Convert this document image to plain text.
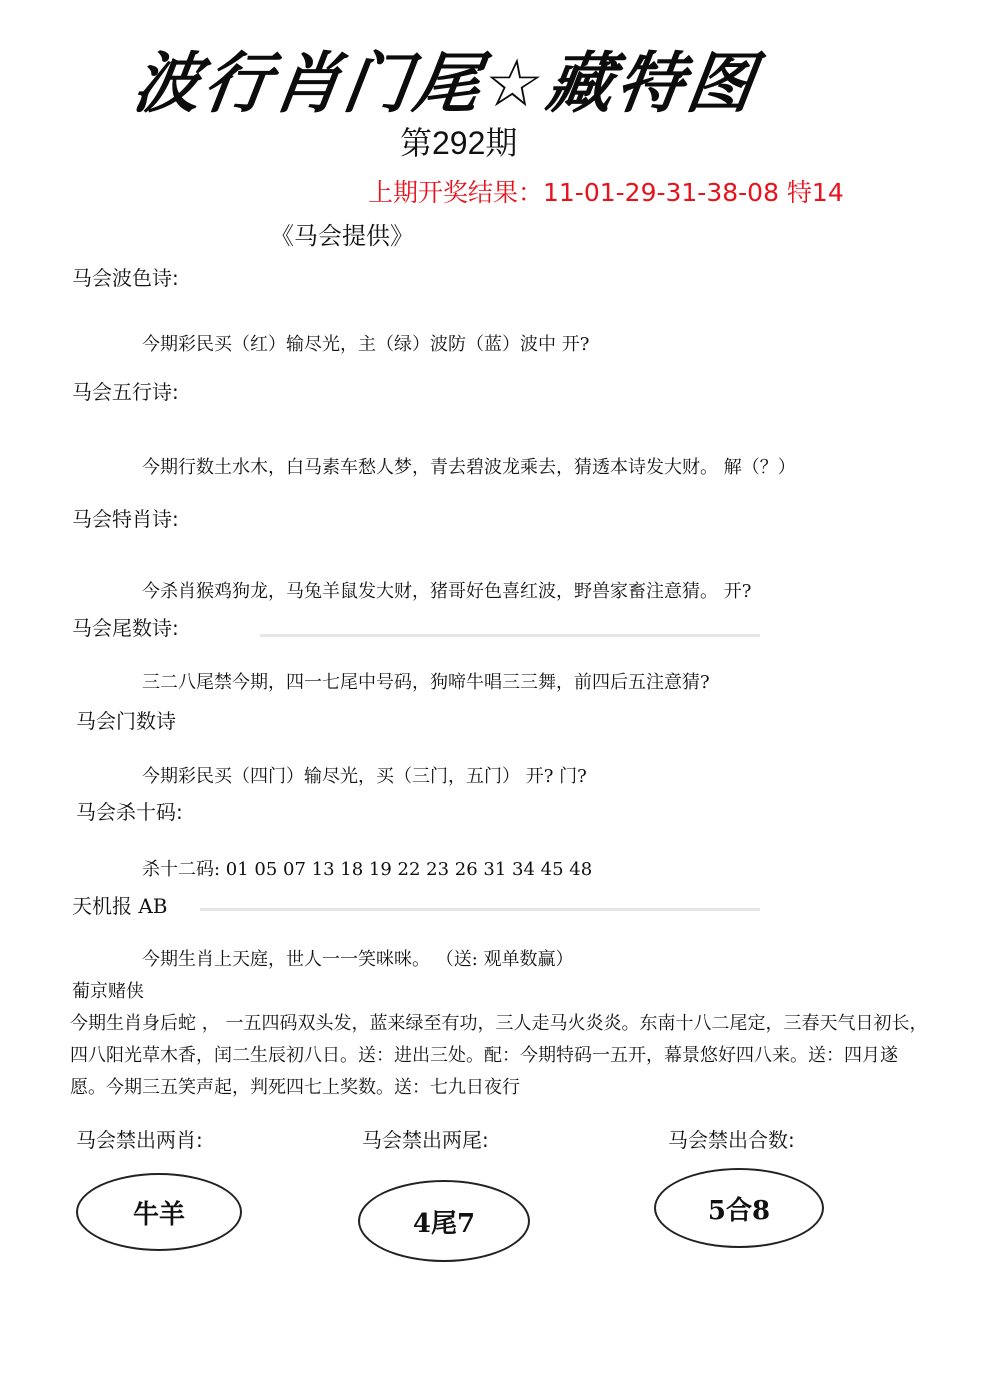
波行肖门尾☆藏特图
第292期
上期开奖结果：11-01-29-31-38-08 特14
《马会提供》
马会波色诗:
今期彩民买（红）输尽光，主（绿）波防（蓝）波中 开?
马会五行诗:
今期行数土水木，白马素车愁人梦，青去碧波龙乘去，猜透本诗发大财。 解（？）
马会特肖诗:
今杀肖猴鸡狗龙，马兔羊鼠发大财，猪哥好色喜红波，野兽家畜注意猜。 开?
马会尾数诗:
三二八尾禁今期，四一七尾中号码，狗啼牛唱三三舞，前四后五注意猜?
马会门数诗
今期彩民买（四门）输尽光，买（三门，五门） 开? 门?
马会杀十码:
杀十二码: 01 05 07 13 18 19 22 23 26 31 34 45 48
天机报 AB
今期生肖上天庭，世人一一笑咪咪。 （送: 观单数赢）
葡京赌侠
今期生肖身后蛇 ， 一五四码双头发，蓝来绿至有功，三人走马火炎炎。东南十八二尾定，三春天气日初长，四八阳光草木香，闰二生辰初八日。送：进出三处。配：今期特码一五开，幕景悠好四八来。送：四月遂愿。今期三五笑声起，判死四七上奖数。送：七九日夜行
马会禁出两肖:	马会禁出两尾:	马会禁出合数:
牛羊	4尾7	5合8
